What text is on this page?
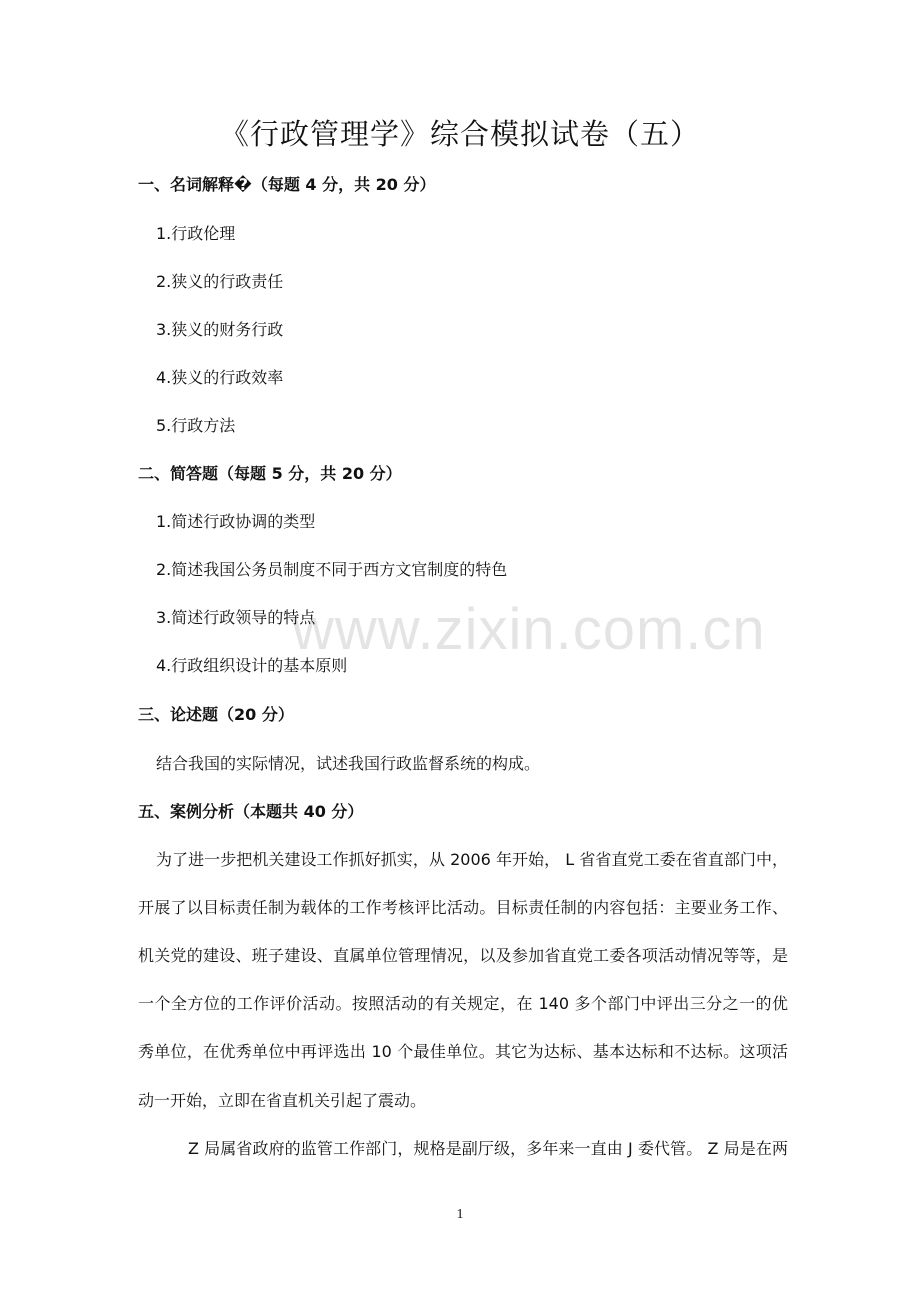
《行政管理学》综合模拟试卷（五）
一、名词解释�（每题 4 分，共 20 分）
1.行政伦理
2.狭义的行政责任
3.狭义的财务行政
4.狭义的行政效率
5.行政方法
二、简答题（每题 5 分，共 20 分）
1.简述行政协调的类型
2.简述我国公务员制度不同于西方文官制度的特色
3.简述行政领导的特点
4.行政组织设计的基本原则
三、论述题（20 分）
结合我国的实际情况，试述我国行政监督系统的构成。
五、案例分析（本题共 40 分）
为了进一步把机关建设工作抓好抓实，从 2006 年开始， L 省省直党工委在省直部门中，
开展了以目标责任制为载体的工作考核评比活动。目标责任制的内容包括：主要业务工作、
机关党的建设、班子建设、直属单位管理情况，以及参加省直党工委各项活动情况等等，是
一个全方位的工作评价活动。按照活动的有关规定，在 140 多个部门中评出三分之一的优
秀单位，在优秀单位中再评选出 10 个最佳单位。其它为达标、基本达标和不达标。这项活
动一开始，立即在省直机关引起了震动。
Z 局属省政府的监管工作部门，规格是副厅级，多年来一直由 J 委代管。 Z 局是在两
www.zixin.com.cn
1
